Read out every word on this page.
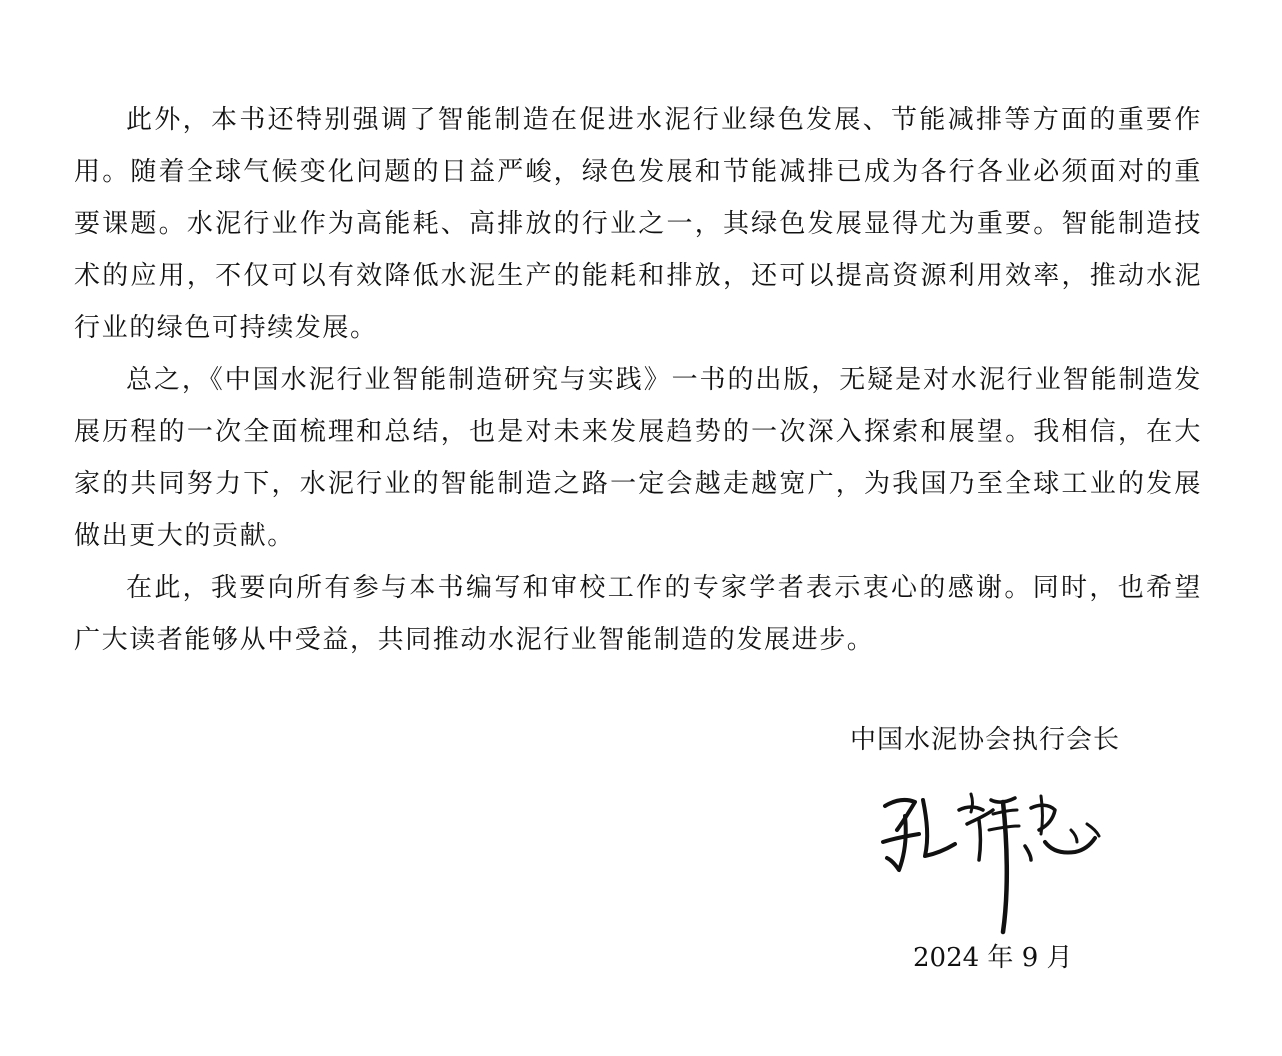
此外，本书还特别强调了智能制造在促进水泥行业绿色发展、节能减排等方面的重要作用。随着全球气候变化问题的日益严峻，绿色发展和节能减排已成为各行各业必须面对的重要课题。水泥行业作为高能耗、高排放的行业之一，其绿色发展显得尤为重要。智能制造技术的应用，不仅可以有效降低水泥生产的能耗和排放，还可以提高资源利用效率，推动水泥行业的绿色可持续发展。

总之，《中国水泥行业智能制造研究与实践》一书的出版，无疑是对水泥行业智能制造发展历程的一次全面梳理和总结，也是对未来发展趋势的一次深入探索和展望。我相信，在大家的共同努力下，水泥行业的智能制造之路一定会越走越宽广，为我国乃至全球工业的发展做出更大的贡献。

在此，我要向所有参与本书编写和审校工作的专家学者表示衷心的感谢。同时，也希望广大读者能够从中受益，共同推动水泥行业智能制造的发展进步。

中国水泥协会执行会长
2024 年 9 月
